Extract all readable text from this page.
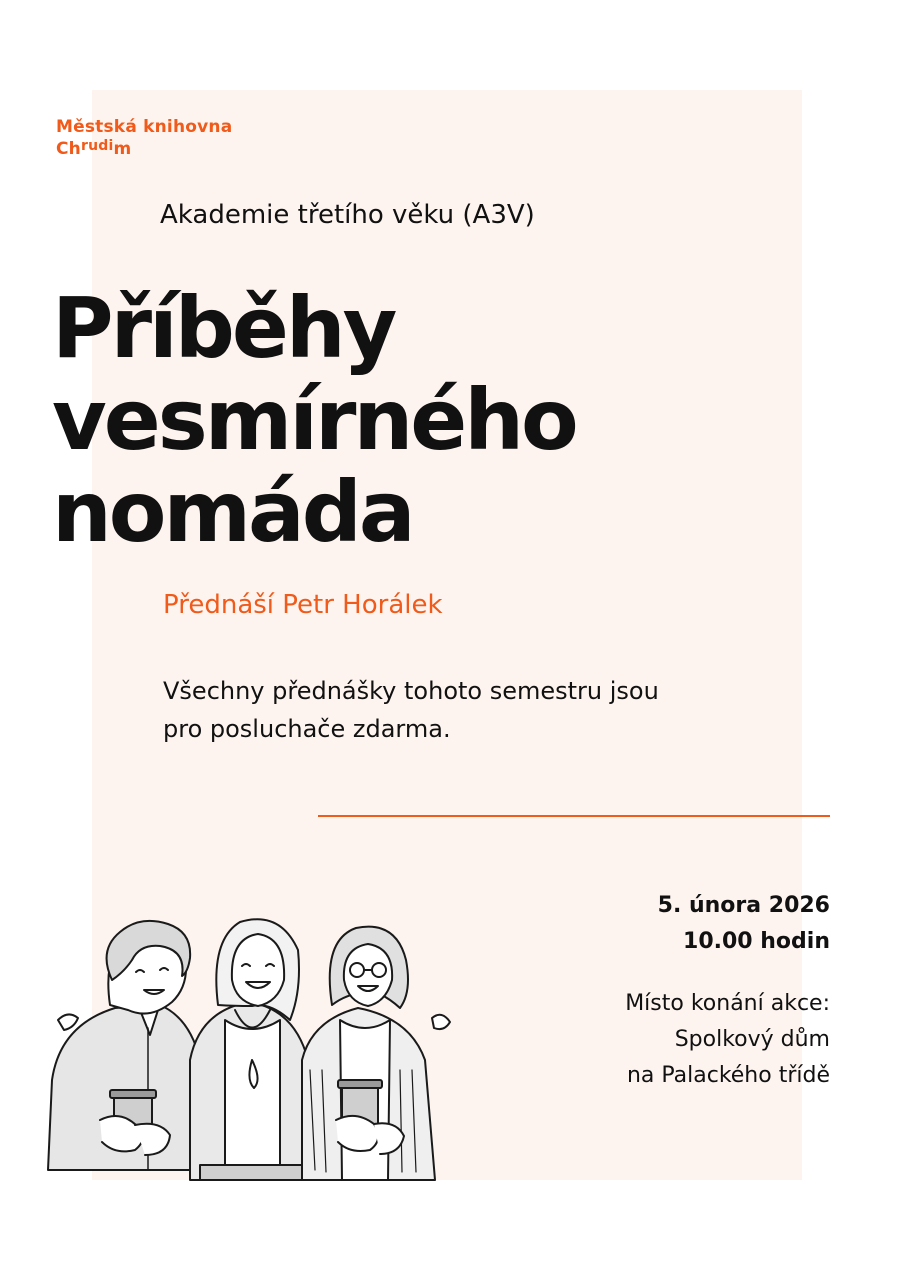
Městská knihovna
$Ch^{rudi}m$
Akademie třetího věku (A3V)
Příběhy
vesmírného
nomáda
Přednáší Petr Horálek
Všechny přednášky tohoto semestru jsou
pro posluchače zdarma.
5. února 2026
10.00 hodin
Místo konání akce:
Spolkový dům
na Palackého třídě
